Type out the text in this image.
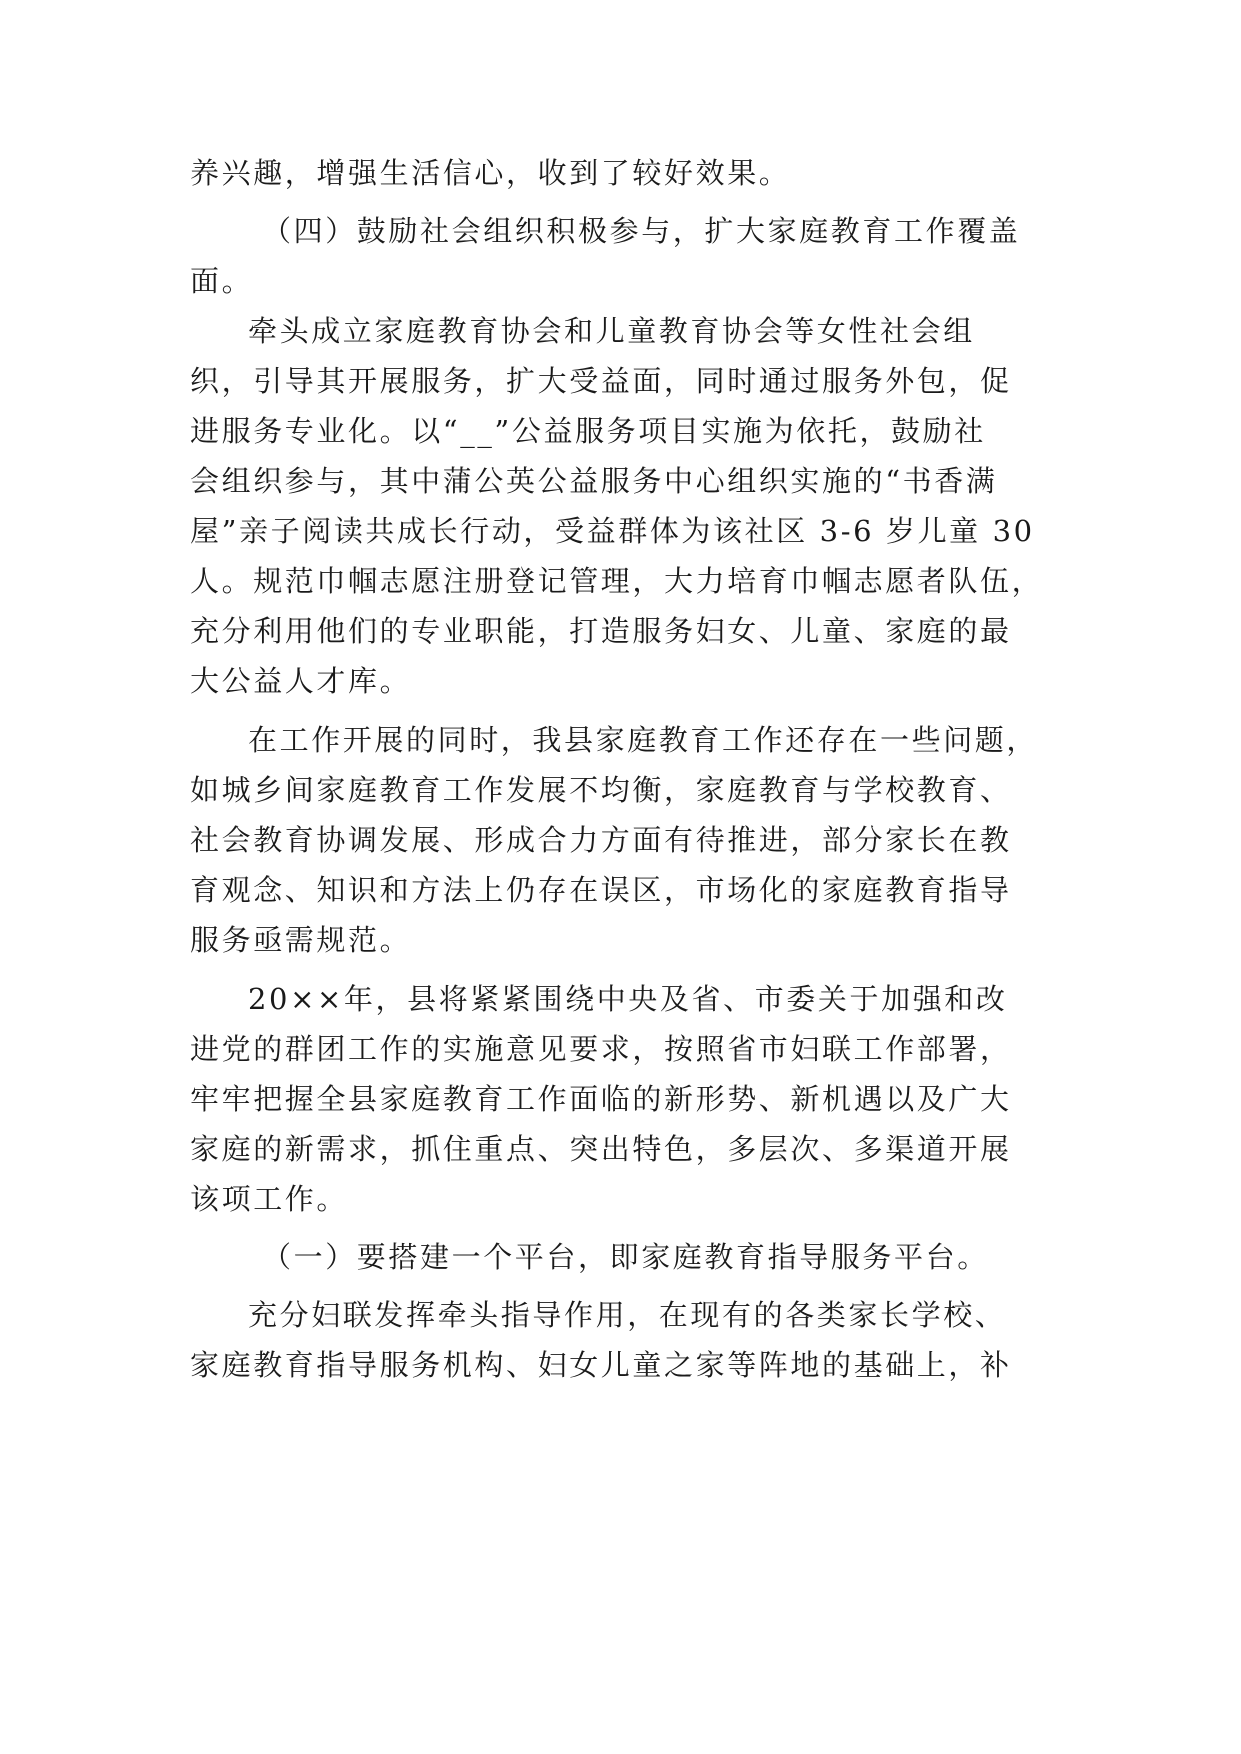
养兴趣，增强生活信心，收到了较好效果。
（四）鼓励社会组织积极参与，扩大家庭教育工作覆盖
面。
牵头成立家庭教育协会和儿童教育协会等女性社会组
织，引导其开展服务，扩大受益面，同时通过服务外包，促
进服务专业化。以“__”公益服务项目实施为依托，鼓励社
会组织参与，其中蒲公英公益服务中心组织实施的“书香满
屋”亲子阅读共成长行动，受益群体为该社区 3-6 岁儿童 30
人。规范巾帼志愿注册登记管理，大力培育巾帼志愿者队伍，
充分利用他们的专业职能，打造服务妇女、儿童、家庭的最
大公益人才库。
在工作开展的同时，我县家庭教育工作还存在一些问题，
如城乡间家庭教育工作发展不均衡，家庭教育与学校教育、
社会教育协调发展、形成合力方面有待推进，部分家长在教
育观念、知识和方法上仍存在误区，市场化的家庭教育指导
服务亟需规范。
20××年，县将紧紧围绕中央及省、市委关于加强和改
进党的群团工作的实施意见要求，按照省市妇联工作部署，
牢牢把握全县家庭教育工作面临的新形势、新机遇以及广大
家庭的新需求，抓住重点、突出特色，多层次、多渠道开展
该项工作。
（一）要搭建一个平台，即家庭教育指导服务平台。
充分妇联发挥牵头指导作用，在现有的各类家长学校、
家庭教育指导服务机构、妇女儿童之家等阵地的基础上，补
